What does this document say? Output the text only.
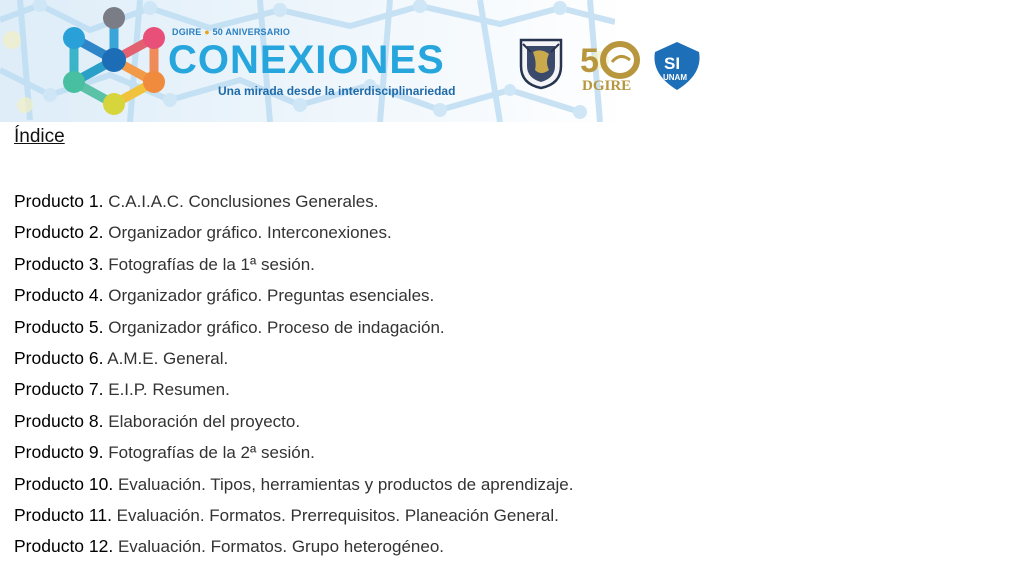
DGIRE ● 50 ANIVERSARIO
CONEXIONES
Una mirada desde la interdisciplinariedad
5
DGIRE
SI
UNAM
Índice
Producto 1. C.A.I.A.C. Conclusiones Generales.
Producto 2. Organizador gráfico. Interconexiones.
Producto 3. Fotografías de la 1ª sesión.
Producto 4. Organizador gráfico. Preguntas esenciales.
Producto 5. Organizador gráfico. Proceso de indagación.
Producto 6. A.M.E. General.
Producto 7. E.I.P. Resumen.
Producto 8. Elaboración del proyecto.
Producto 9. Fotografías de la 2ª sesión.
Producto 10. Evaluación. Tipos, herramientas y productos de aprendizaje.
Producto 11. Evaluación. Formatos. Prerrequisitos. Planeación General.
Producto 12. Evaluación. Formatos. Grupo heterogéneo.
